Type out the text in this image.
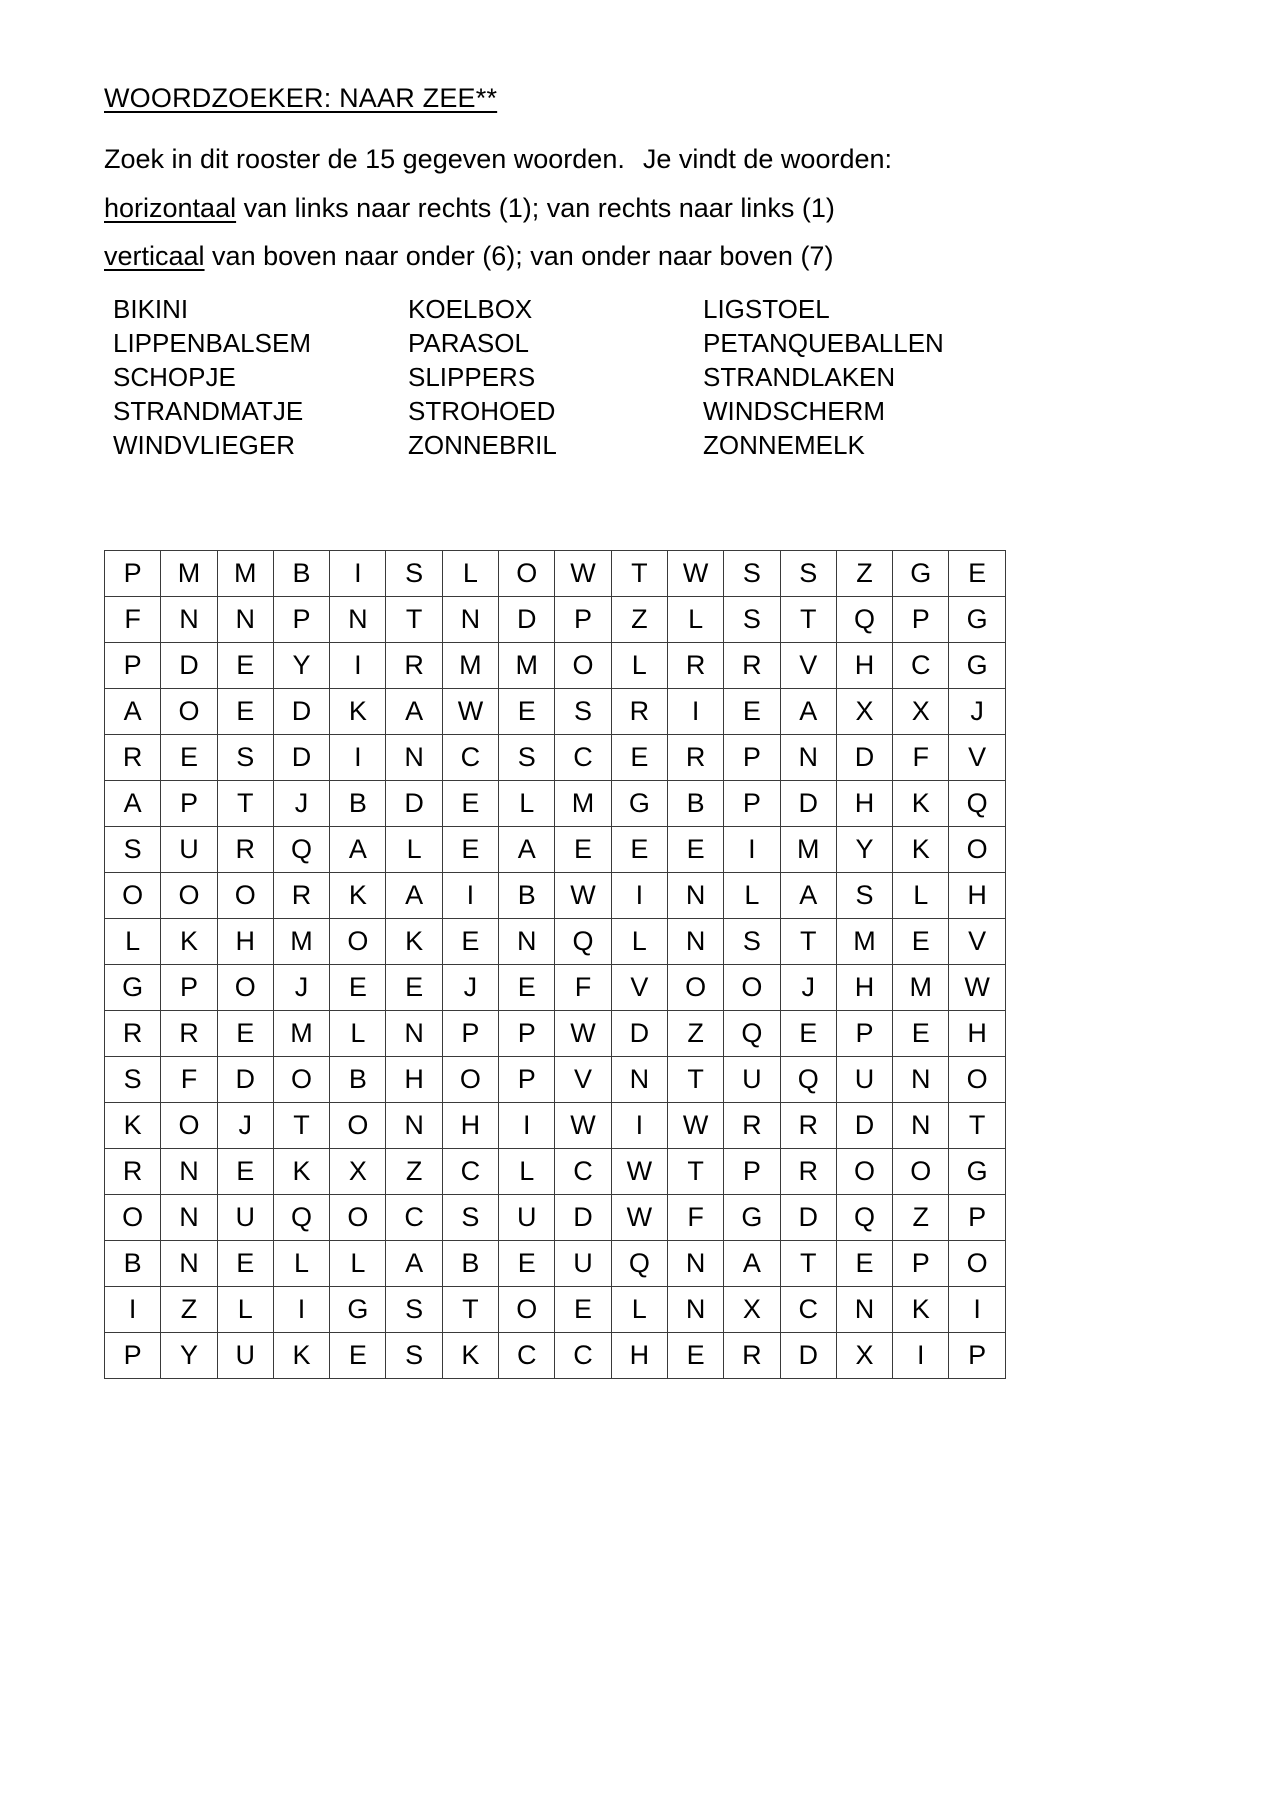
WOORDZOEKER: NAAR ZEE**
Zoek in dit rooster de 15 gegeven woorden. Je vindt de woorden:
horizontaal van links naar rechts (1); van rechts naar links (1)
verticaal van boven naar onder (6); van onder naar boven (7)
BIKINI	KOELBOX	LIGSTOEL
LIPPENBALSEM	PARASOL	PETANQUEBALLEN
SCHOPJE	SLIPPERS	STRANDLAKEN
STRANDMATJE	STROHOED	WINDSCHERM
WINDVLIEGER	ZONNEBRIL	ZONNEMELK
P	M	M	B	I	S	L	O	W	T	W	S	S	Z	G	E
F	N	N	P	N	T	N	D	P	Z	L	S	T	Q	P	G
P	D	E	Y	I	R	M	M	O	L	R	R	V	H	C	G
A	O	E	D	K	A	W	E	S	R	I	E	A	X	X	J
R	E	S	D	I	N	C	S	C	E	R	P	N	D	F	V
A	P	T	J	B	D	E	L	M	G	B	P	D	H	K	Q
S	U	R	Q	A	L	E	A	E	E	E	I	M	Y	K	O
O	O	O	R	K	A	I	B	W	I	N	L	A	S	L	H
L	K	H	M	O	K	E	N	Q	L	N	S	T	M	E	V
G	P	O	J	E	E	J	E	F	V	O	O	J	H	M	W
R	R	E	M	L	N	P	P	W	D	Z	Q	E	P	E	H
S	F	D	O	B	H	O	P	V	N	T	U	Q	U	N	O
K	O	J	T	O	N	H	I	W	I	W	R	R	D	N	T
R	N	E	K	X	Z	C	L	C	W	T	P	R	O	O	G
O	N	U	Q	O	C	S	U	D	W	F	G	D	Q	Z	P
B	N	E	L	L	A	B	E	U	Q	N	A	T	E	P	O
I	Z	L	I	G	S	T	O	E	L	N	X	C	N	K	I
P	Y	U	K	E	S	K	C	C	H	E	R	D	X	I	P
